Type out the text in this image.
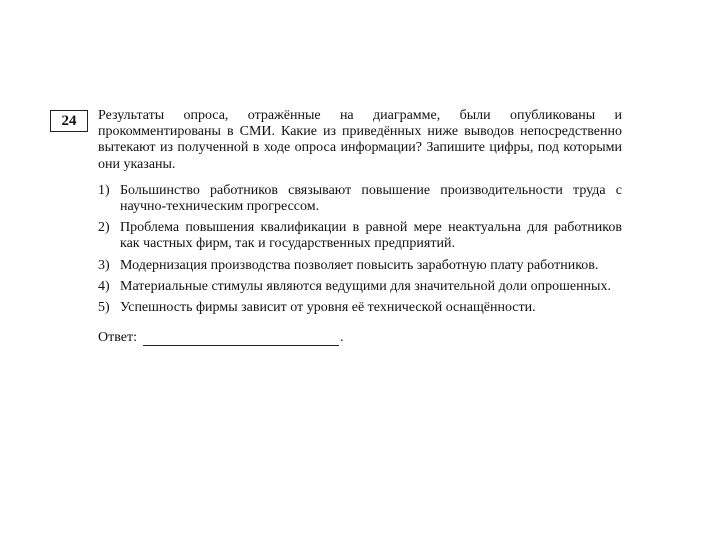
24 Результаты опроса, отражённые на диаграмме, были опубликованы и прокомментированы в СМИ. Какие из приведённых ниже выводов непосредственно вытекают из полученной в ходе опроса информации? Запишите цифры, под которыми они указаны.

1) Большинство работников связывают повышение производительности труда с научно-техническим прогрессом.
2) Проблема повышения квалификации в равной мере неактуальна для работников как частных фирм, так и государственных предприятий.
3) Модернизация производства позволяет повысить заработную плату работников.
4) Материальные стимулы являются ведущими для значительной доли опрошенных.
5) Успешность фирмы зависит от уровня её технической оснащённости.
Ответ:	.
